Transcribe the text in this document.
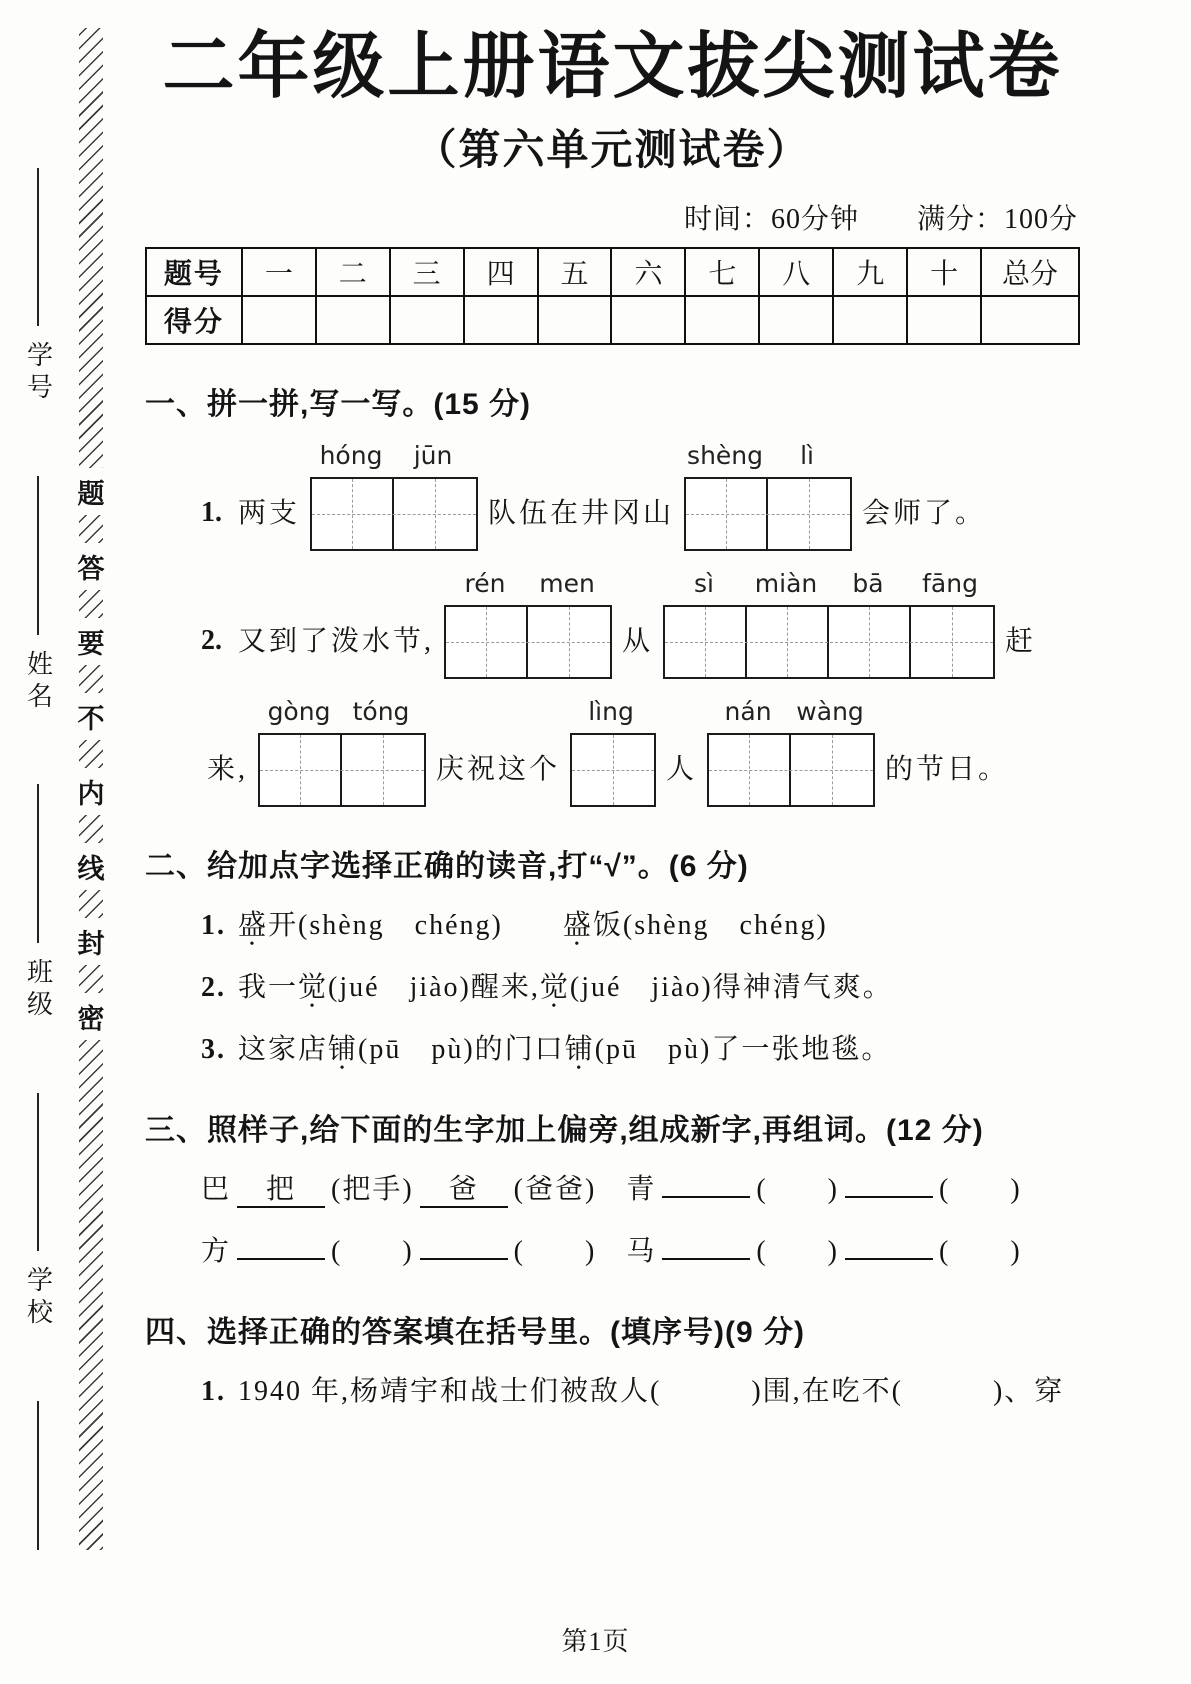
学号
姓名
班级
学校
题
答
要
不
内
线
封
密
二年级上册语文拔尖测试卷
（第六单元测试卷）
时间：60分钟　　满分：100分
题号	一	二	三	四	五	六	七	八	九	十	总分
得分											
一、拼一拼,写一写。(15 分)
1. 两支
hóng	jūn
队伍在井冈山
shèng	lì
会师了。
2. 又到了泼水节,
rén	men
从
sì	miàn	bā	fāng
赶
来,
gòng tóng
庆祝这个
lìng
人
nán wàng
的节日。
二、给加点字选择正确的读音,打“√”。(6 分)
1. 盛开(shèng　chéng)　　盛饭(shèng　chéng)
2. 我一觉(jué　jiào)醒来,觉(jué　jiào)得神清气爽。
3. 这家店铺(pū　pù)的门口铺(pū　pù)了一张地毯。
三、照样子,给下面的生字加上偏旁,组成新字,再组词。(12 分)
巴 把 (把手) 爸 (爸爸)　青	(　　)	(　　)
方	(　　)	(　　)　马	(　　)	(　　)
四、选择正确的答案填在括号里。(填序号)(9 分)
1. 1940 年,杨靖宇和战士们被敌人(　　　)围,在吃不(　　　)、穿
第1页
